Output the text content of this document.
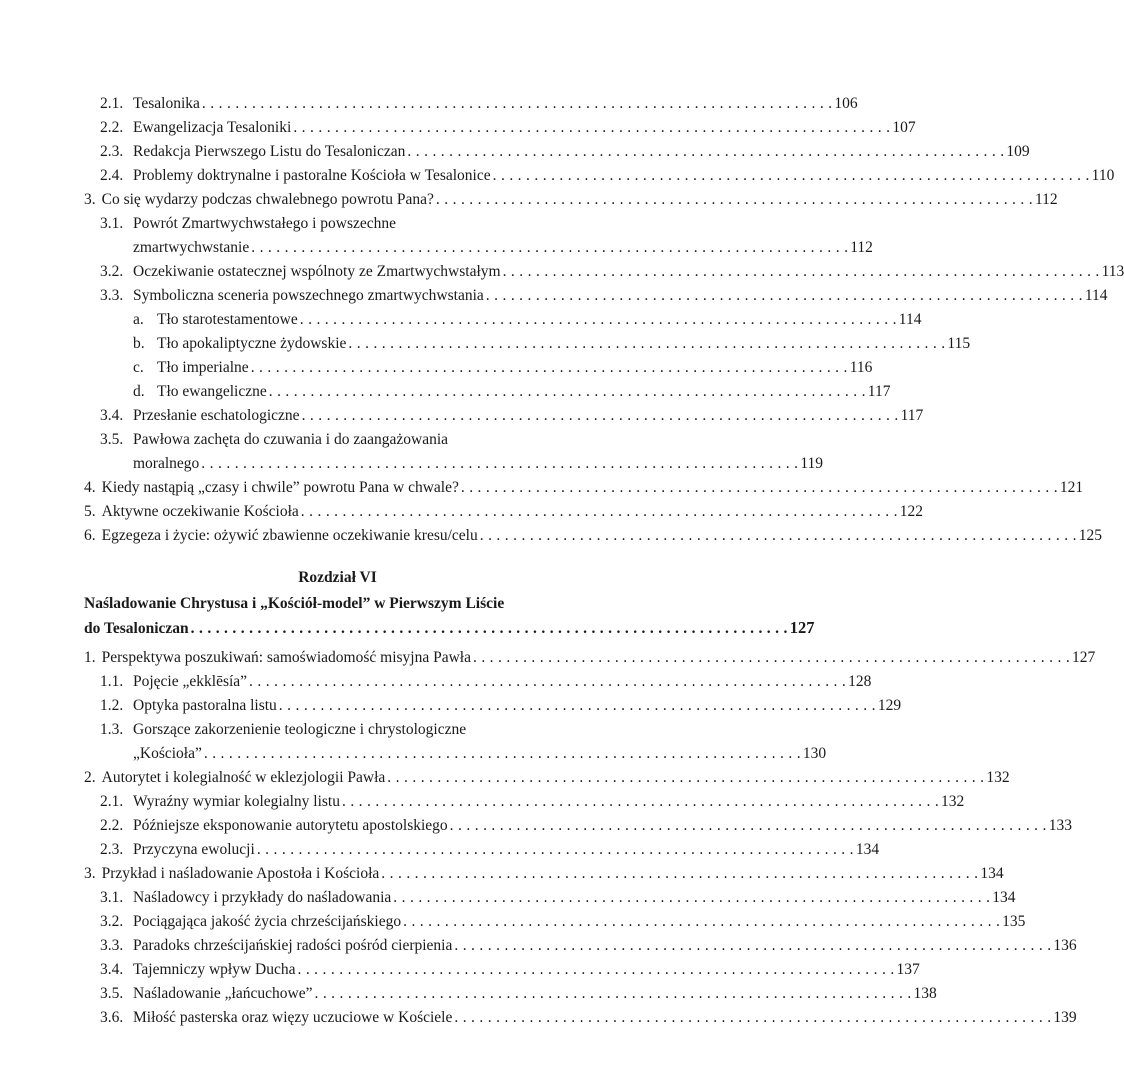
2.1. Tesalonika . . . . . . . . . . . . . . . . . . . . . . . . . . . . . . . . . . . . . . . . . . . . . . . . . . . . . . . . . . . . . . . . . . . . . . . . . . . . 106
2.2. Ewangelizacja Tesaloniki . . . . . . . . . . . . . . . . . . . . . . . . . . . . . . . . . . . . . . . . . . . . . . . . . . . . . . . . . . . . . . . . . . . . . . . . 107
2.3. Redakcja Pierwszego Listu do Tesaloniczan . . . . . . . . . . . . . . . . . . . . . . . . . . . . . . . . . . . . . . . . . . . . . . . . . . . . . . . . . . . . . . . . . . . . . . . . 109
2.4. Problemy doktrynalne i pastoralne Kościoła w Tesalonice . . . . . . . . . . . . . . . . . . . . . . . . . . . . . . . . . . . . . . . . . . . . . . . . . . . . . . . . . . . . . . . . . . . . . . . . 110
3. Co się wydarzy podczas chwalebnego powrotu Pana? . . . . . . . . . . . . . . . . . . . . . . . . . . . . . . . . . . . . . . . . . . . . . . . . . . . . . . . . . . . . . . . . . . . . . . . . 112
3.1. Powrót Zmartwychwstałego i powszechne
zmartwychwstanie . . . . . . . . . . . . . . . . . . . . . . . . . . . . . . . . . . . . . . . . . . . . . . . . . . . . . . . . . . . . . . . . . . . . . . . . 112
3.2. Oczekiwanie ostatecznej wspólnoty ze Zmartwychwstałym . . . . . . . . . . . . . . . . . . . . . . . . . . . . . . . . . . . . . . . . . . . . . . . . . . . . . . . . . . . . . . . . . . . . . . . . 113
3.3. Symboliczna sceneria powszechnego zmartwychwstania . . . . . . . . . . . . . . . . . . . . . . . . . . . . . . . . . . . . . . . . . . . . . . . . . . . . . . . . . . . . . . . . . . . . . . . . 114
a. Tło starotestamentowe . . . . . . . . . . . . . . . . . . . . . . . . . . . . . . . . . . . . . . . . . . . . . . . . . . . . . . . . . . . . . . . . . . . . . . . . 114
b. Tło apokaliptyczne żydowskie . . . . . . . . . . . . . . . . . . . . . . . . . . . . . . . . . . . . . . . . . . . . . . . . . . . . . . . . . . . . . . . . . . . . . . . . 115
c. Tło imperialne . . . . . . . . . . . . . . . . . . . . . . . . . . . . . . . . . . . . . . . . . . . . . . . . . . . . . . . . . . . . . . . . . . . . . . . . 116
d. Tło ewangeliczne . . . . . . . . . . . . . . . . . . . . . . . . . . . . . . . . . . . . . . . . . . . . . . . . . . . . . . . . . . . . . . . . . . . . . . . . 117
3.4. Przesłanie eschatologiczne . . . . . . . . . . . . . . . . . . . . . . . . . . . . . . . . . . . . . . . . . . . . . . . . . . . . . . . . . . . . . . . . . . . . . . . . 117
3.5. Pawłowa zachęta do czuwania i do zaangażowania
moralnego . . . . . . . . . . . . . . . . . . . . . . . . . . . . . . . . . . . . . . . . . . . . . . . . . . . . . . . . . . . . . . . . . . . . . . . . 119
4. Kiedy nastąpią „czasy i chwile” powrotu Pana w chwale? . . . . . . . . . . . . . . . . . . . . . . . . . . . . . . . . . . . . . . . . . . . . . . . . . . . . . . . . . . . . . . . . . . . . . . . . 121
5. Aktywne oczekiwanie Kościoła . . . . . . . . . . . . . . . . . . . . . . . . . . . . . . . . . . . . . . . . . . . . . . . . . . . . . . . . . . . . . . . . . . . . . . . . 122
6. Egzegeza i życie: ożywić zbawienne oczekiwanie kresu/celu . . . . . . . . . . . . . . . . . . . . . . . . . . . . . . . . . . . . . . . . . . . . . . . . . . . . . . . . . . . . . . . . . . . . . . . . 125
Rozdział VI
Naśladowanie Chrystusa i „Kościół-model” w Pierwszym Liście
do Tesaloniczan . . . . . . . . . . . . . . . . . . . . . . . . . . . . . . . . . . . . . . . . . . . . . . . . . . . . . . . . . . . . . . . . . . . . . . . . 127
1. Perspektywa poszukiwań: samoświadomość misyjna Pawła . . . . . . . . . . . . . . . . . . . . . . . . . . . . . . . . . . . . . . . . . . . . . . . . . . . . . . . . . . . . . . . . . . . . . . . . 127
1.1. Pojęcie „ekklēsía” . . . . . . . . . . . . . . . . . . . . . . . . . . . . . . . . . . . . . . . . . . . . . . . . . . . . . . . . . . . . . . . . . . . . . . . . 128
1.2. Optyka pastoralna listu . . . . . . . . . . . . . . . . . . . . . . . . . . . . . . . . . . . . . . . . . . . . . . . . . . . . . . . . . . . . . . . . . . . . . . . . 129
1.3. Gorszące zakorzenienie teologiczne i chrystologiczne
„Kościoła” . . . . . . . . . . . . . . . . . . . . . . . . . . . . . . . . . . . . . . . . . . . . . . . . . . . . . . . . . . . . . . . . . . . . . . . . 130
2. Autorytet i kolegialność w eklezjologii Pawła . . . . . . . . . . . . . . . . . . . . . . . . . . . . . . . . . . . . . . . . . . . . . . . . . . . . . . . . . . . . . . . . . . . . . . . . 132
2.1. Wyraźny wymiar kolegialny listu . . . . . . . . . . . . . . . . . . . . . . . . . . . . . . . . . . . . . . . . . . . . . . . . . . . . . . . . . . . . . . . . . . . . . . . . 132
2.2. Późniejsze eksponowanie autorytetu apostolskiego . . . . . . . . . . . . . . . . . . . . . . . . . . . . . . . . . . . . . . . . . . . . . . . . . . . . . . . . . . . . . . . . . . . . . . . . 133
2.3. Przyczyna ewolucji . . . . . . . . . . . . . . . . . . . . . . . . . . . . . . . . . . . . . . . . . . . . . . . . . . . . . . . . . . . . . . . . . . . . . . . . 134
3. Przykład i naśladowanie Apostoła i Kościoła . . . . . . . . . . . . . . . . . . . . . . . . . . . . . . . . . . . . . . . . . . . . . . . . . . . . . . . . . . . . . . . . . . . . . . . . 134
3.1. Naśladowcy i przykłady do naśladowania . . . . . . . . . . . . . . . . . . . . . . . . . . . . . . . . . . . . . . . . . . . . . . . . . . . . . . . . . . . . . . . . . . . . . . . . 134
3.2. Pociągająca jakość życia chrześcijańskiego . . . . . . . . . . . . . . . . . . . . . . . . . . . . . . . . . . . . . . . . . . . . . . . . . . . . . . . . . . . . . . . . . . . . . . . . 135
3.3. Paradoks chrześcijańskiej radości pośród cierpienia . . . . . . . . . . . . . . . . . . . . . . . . . . . . . . . . . . . . . . . . . . . . . . . . . . . . . . . . . . . . . . . . . . . . . . . . 136
3.4. Tajemniczy wpływ Ducha . . . . . . . . . . . . . . . . . . . . . . . . . . . . . . . . . . . . . . . . . . . . . . . . . . . . . . . . . . . . . . . . . . . . . . . . 137
3.5. Naśladowanie „łańcuchowe” . . . . . . . . . . . . . . . . . . . . . . . . . . . . . . . . . . . . . . . . . . . . . . . . . . . . . . . . . . . . . . . . . . . . . . . . 138
3.6. Miłość pasterska oraz więzy uczuciowe w Kościele . . . . . . . . . . . . . . . . . . . . . . . . . . . . . . . . . . . . . . . . . . . . . . . . . . . . . . . . . . . . . . . . . . . . . . . . 139
